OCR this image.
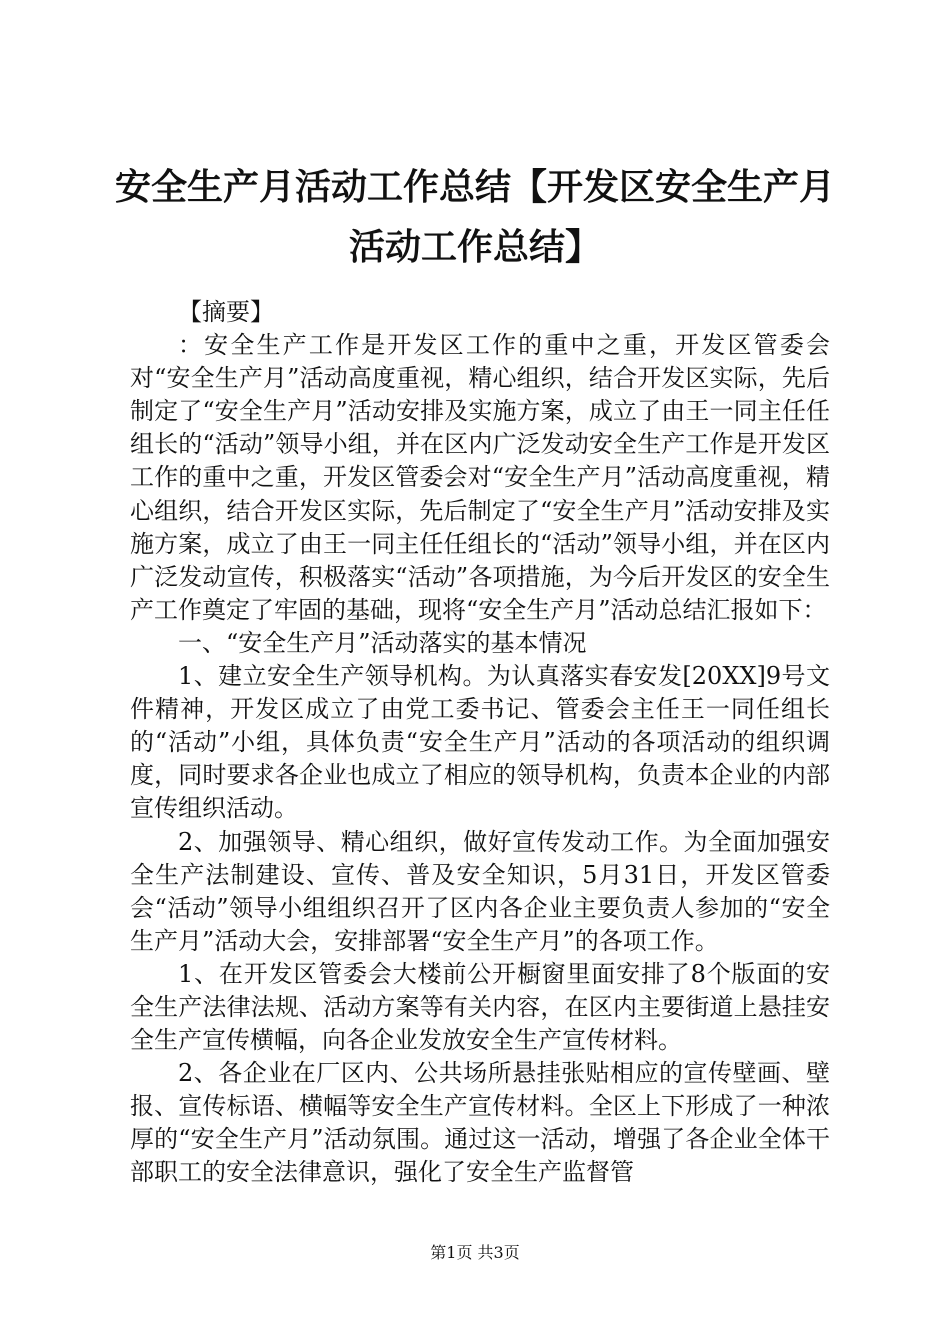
安全生产月活动工作总结【开发区安全生产月活动工作总结】

【摘要】

：安全生产工作是开发区工作的重中之重，开发区管委会对“安全生产月”活动高度重视，精心组织，结合开发区实际，先后制定了“安全生产月”活动安排及实施方案，成立了由王一同主任任组长的“活动”领导小组，并在区内广泛发动安全生产工作是开发区工作的重中之重，开发区管委会对“安全生产月”活动高度重视，精心组织，结合开发区实际，先后制定了“安全生产月”活动安排及实施方案，成立了由王一同主任任组长的“活动”领导小组，并在区内广泛发动宣传，积极落实“活动”各项措施，为今后开发区的安全生产工作奠定了牢固的基础，现将“安全生产月”活动总结汇报如下：

一、“安全生产月”活动落实的基本情况

1、建立安全生产领导机构。为认真落实春安发[20XX]9号文件精神，开发区成立了由党工委书记、管委会主任王一同任组长的“活动”小组，具体负责“安全生产月”活动的各项活动的组织调度，同时要求各企业也成立了相应的领导机构，负责本企业的内部宣传组织活动。

2、加强领导、精心组织，做好宣传发动工作。为全面加强安全生产法制建设、宣传、普及安全知识，5月31日，开发区管委会“活动”领导小组组织召开了区内各企业主要负责人参加的“安全生产月”活动大会，安排部署“安全生产月”的各项工作。

1、在开发区管委会大楼前公开橱窗里面安排了8个版面的安全生产法律法规、活动方案等有关内容，在区内主要街道上悬挂安全生产宣传横幅，向各企业发放安全生产宣传材料。

2、各企业在厂区内、公共场所悬挂张贴相应的宣传壁画、壁报、宣传标语、横幅等安全生产宣传材料。全区上下形成了一种浓厚的“安全生产月”活动氛围。通过这一活动，增强了各企业全体干部职工的安全法律意识，强化了安全生产监督管

第1页 共3页
